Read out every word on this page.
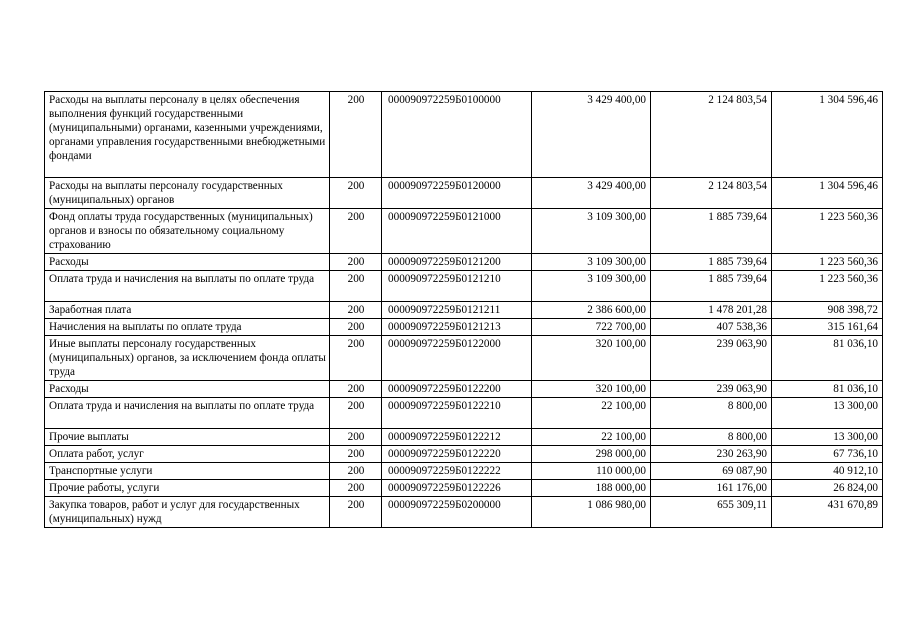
Расходы на выплаты персоналу в целях обеспечения выполнения функций государственными (муниципальными) органами, казенными учреждениями, органами управления государственными внебюджетными фондами	200	000090972259Б0100000	3 429 400,00	2 124 803,54	1 304 596,46
Расходы на выплаты персоналу государственных (муниципальных) органов	200	000090972259Б0120000	3 429 400,00	2 124 803,54	1 304 596,46
Фонд оплаты труда государственных (муниципальных) органов и взносы по обязательному социальному страхованию	200	000090972259Б0121000	3 109 300,00	1 885 739,64	1 223 560,36
Расходы	200	000090972259Б0121200	3 109 300,00	1 885 739,64	1 223 560,36
Оплата труда и начисления на выплаты по оплате труда	200	000090972259Б0121210	3 109 300,00	1 885 739,64	1 223 560,36
Заработная плата	200	000090972259Б0121211	2 386 600,00	1 478 201,28	908 398,72
Начисления на выплаты по оплате труда	200	000090972259Б0121213	722 700,00	407 538,36	315 161,64
Иные выплаты персоналу государственных (муниципальных) органов, за исключением фонда оплаты труда	200	000090972259Б0122000	320 100,00	239 063,90	81 036,10
Расходы	200	000090972259Б0122200	320 100,00	239 063,90	81 036,10
Оплата труда и начисления на выплаты по оплате труда	200	000090972259Б0122210	22 100,00	8 800,00	13 300,00
Прочие выплаты	200	000090972259Б0122212	22 100,00	8 800,00	13 300,00
Оплата работ, услуг	200	000090972259Б0122220	298 000,00	230 263,90	67 736,10
Транспортные услуги	200	000090972259Б0122222	110 000,00	69 087,90	40 912,10
Прочие работы, услуги	200	000090972259Б0122226	188 000,00	161 176,00	26 824,00
Закупка товаров, работ и услуг для государственных (муниципальных) нужд	200	000090972259Б0200000	1 086 980,00	655 309,11	431 670,89
